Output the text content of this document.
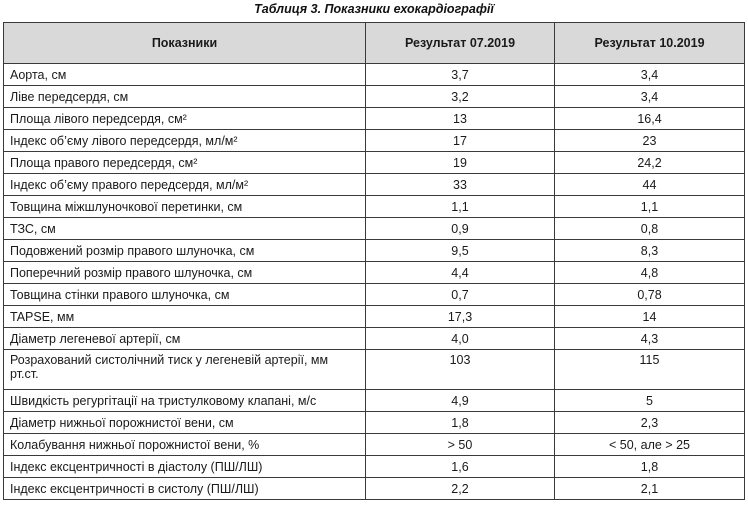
Таблиця 3. Показники ехокардіографії
Показники	Результат 07.2019	Результат 10.2019
Аорта, см	3,7	3,4
Ліве передсердя, см	3,2	3,4
Площа лівого передсердя, см²	13	16,4
Індекс об’єму лівого передсердя, мл/м²	17	23
Площа правого передсердя, см²	19	24,2
Індекс об’єму правого передсердя, мл/м²	33	44
Товщина міжшлуночкової перетинки, см	1,1	1,1
ТЗС, см	0,9	0,8
Подовжений розмір правого шлуночка, см	9,5	8,3
Поперечний розмір правого шлуночка, см	4,4	4,8
Товщина стінки правого шлуночка, см	0,7	0,78
TAPSE, мм	17,3	14
Діаметр легеневої артерії, см	4,0	4,3
Розрахований систолічний тиск у легеневій артерії, мм рт.ст.	103	115
Швидкість регургітації на тристулковому клапані, м/с	4,9	5
Діаметр нижньої порожнистої вени, см	1,8	2,3
Колабування нижньої порожнистої вени, %	> 50	< 50, але > 25
Індекс ексцентричності в діастолу (ПШ/ЛШ)	1,6	1,8
Індекс ексцентричності в систолу (ПШ/ЛШ)	2,2	2,1
